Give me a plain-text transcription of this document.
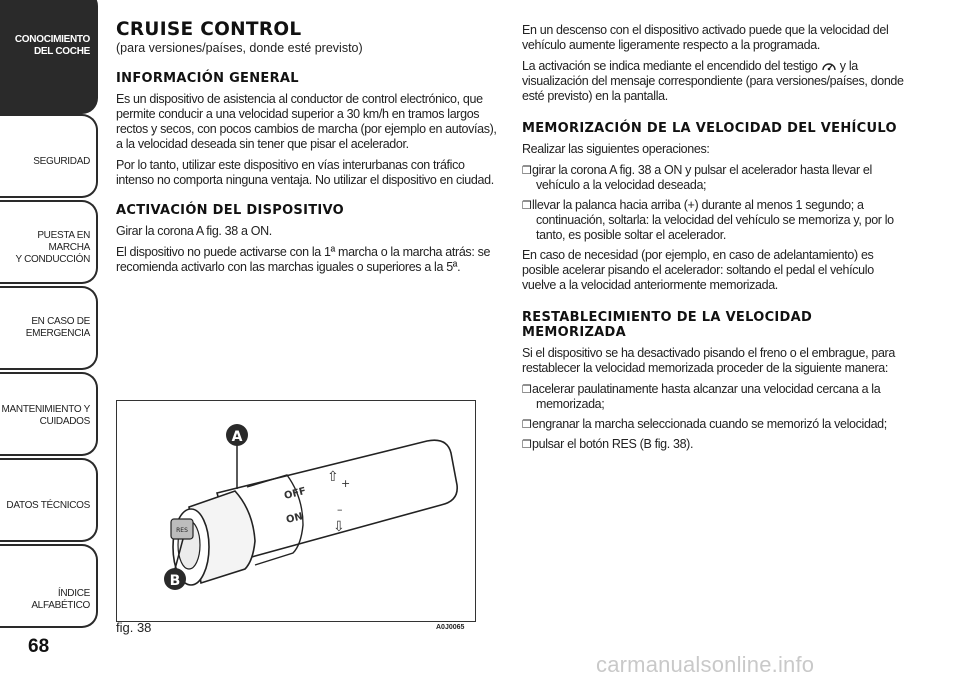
CONOCIMIENTO
DEL COCHE
SEGURIDAD
PUESTA EN MARCHA
Y CONDUCCIÓN
EN CASO DE
EMERGENCIA
MANTENIMIENTO Y
CUIDADOS
DATOS TÉCNICOS
ÍNDICE ALFABÉTICO
68
CRUISE CONTROL
(para versiones/países, donde esté previsto)
INFORMACIÓN GENERAL

Es un dispositivo de asistencia al conductor de control electrónico, que permite conducir a una velocidad superior a 30 km/h en tramos largos rectos y secos, con pocos cambios de marcha (por ejemplo en autovías), a la velocidad deseada sin tener que pisar el acelerador.

Por lo tanto, utilizar este dispositivo en vías interurbanas con tráfico intenso no comporta ninguna ventaja. No utilizar el dispositivo en ciudad.

ACTIVACIÓN DEL DISPOSITIVO

Girar la corona A fig. 38 a ON.

El dispositivo no puede activarse con la 1ª marcha o la marcha atrás: se recomienda activarlo con las marchas iguales o superiores a la 5ª.

RES
OFF
ON
⇧ +
–
⇩
A
B
fig. 38	A0J0065

En un descenso con el dispositivo activado puede que la velocidad del vehículo aumente ligeramente respecto a la programada.

La activación se indica mediante el encendido del testigo y la visualización del mensaje correspondiente (para versiones/países, donde esté previsto) en la pantalla.

MEMORIZACIÓN DE LA VELOCIDAD DEL VEHÍCULO

Realizar las siguientes operaciones:

❒girar la corona A fig. 38 a ON y pulsar el acelerador hasta llevar el vehículo a la velocidad deseada;
❒llevar la palanca hacia arriba (+) durante al menos 1 segundo; a continuación, soltarla: la velocidad del vehículo se memoriza y, por lo tanto, es posible soltar el acelerador.

En caso de necesidad (por ejemplo, en caso de adelantamiento) es posible acelerar pisando el acelerador: soltando el pedal el vehículo vuelve a la velocidad anteriormente memorizada.

RESTABLECIMIENTO DE LA VELOCIDAD MEMORIZADA

Si el dispositivo se ha desactivado pisando el freno o el embrague, para restablecer la velocidad memorizada proceder de la siguiente manera:

❒acelerar paulatinamente hasta alcanzar una velocidad cercana a la memorizada;
❒engranar la marcha seleccionada cuando se memorizó la velocidad;
❒pulsar el botón RES (B fig. 38).
carmanualsonline.info
